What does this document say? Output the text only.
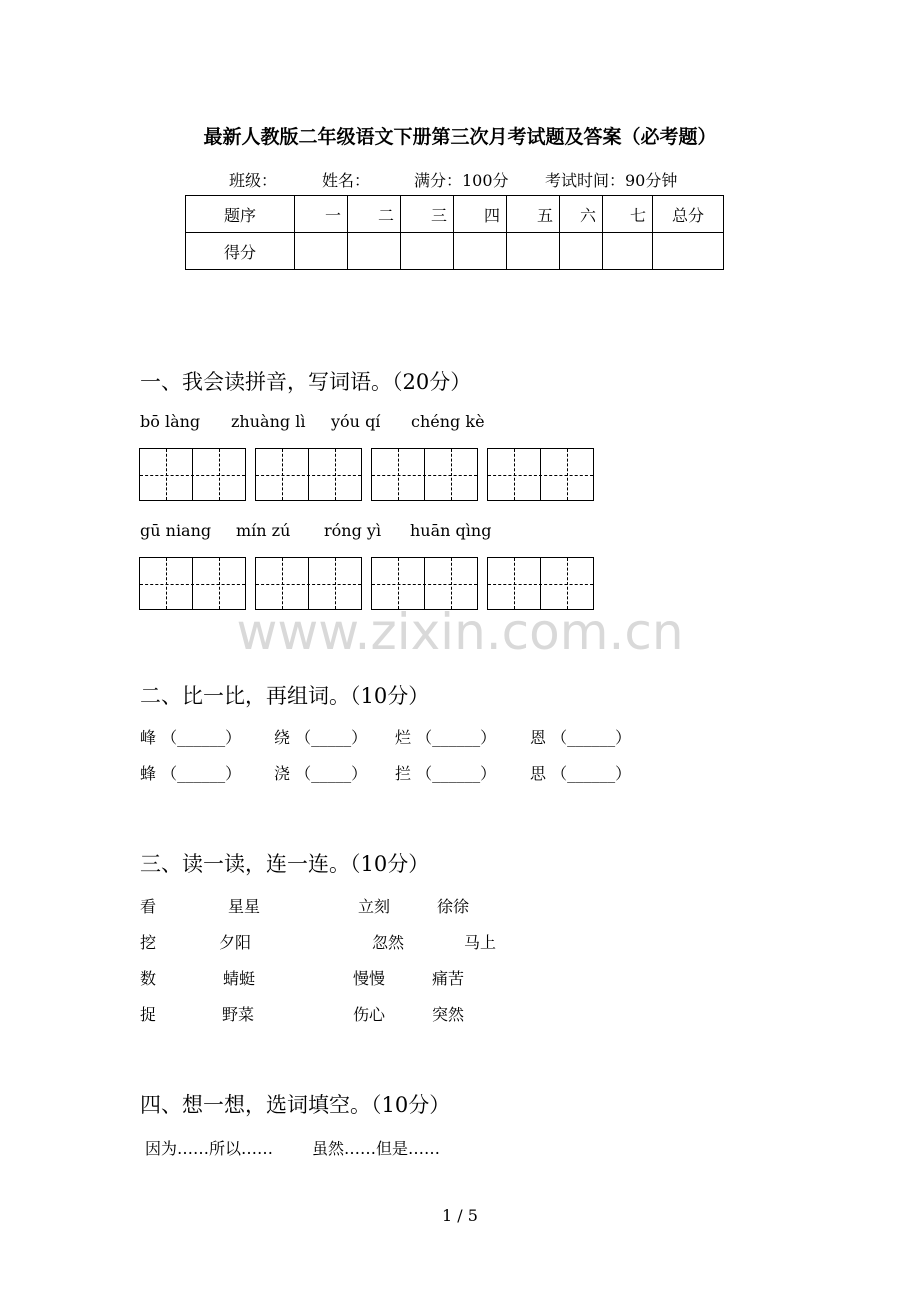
最新人教版二年级语文下册第三次月考试题及答案（必考题）
班级：	姓名：	满分：100分 考试时间：90分钟
题序	一	二	三	四	五	六	七	总分
得分								
一、我会读拼音，写词语。（20分）
bō làng zhuàng lì yóu qí chéng kè
gū niang mín zú róng yì huān qìng
www.zixin.com.cn
二、比一比，再组词。（10分）
峰 （______） 绕 （_____） 烂 （______） 恩 （______）
蜂 （______） 浇 （_____） 拦 （______） 思 （______）
三、读一读，连一连。（10分）
看	星星	立刻	徐徐
挖	夕阳	忽然	马上
数	蜻蜓	慢慢	痛苦
捉	野菜	伤心	突然
四、想一想，选词填空。（10分）
因为……所以…… 虽然……但是……
1 / 5
